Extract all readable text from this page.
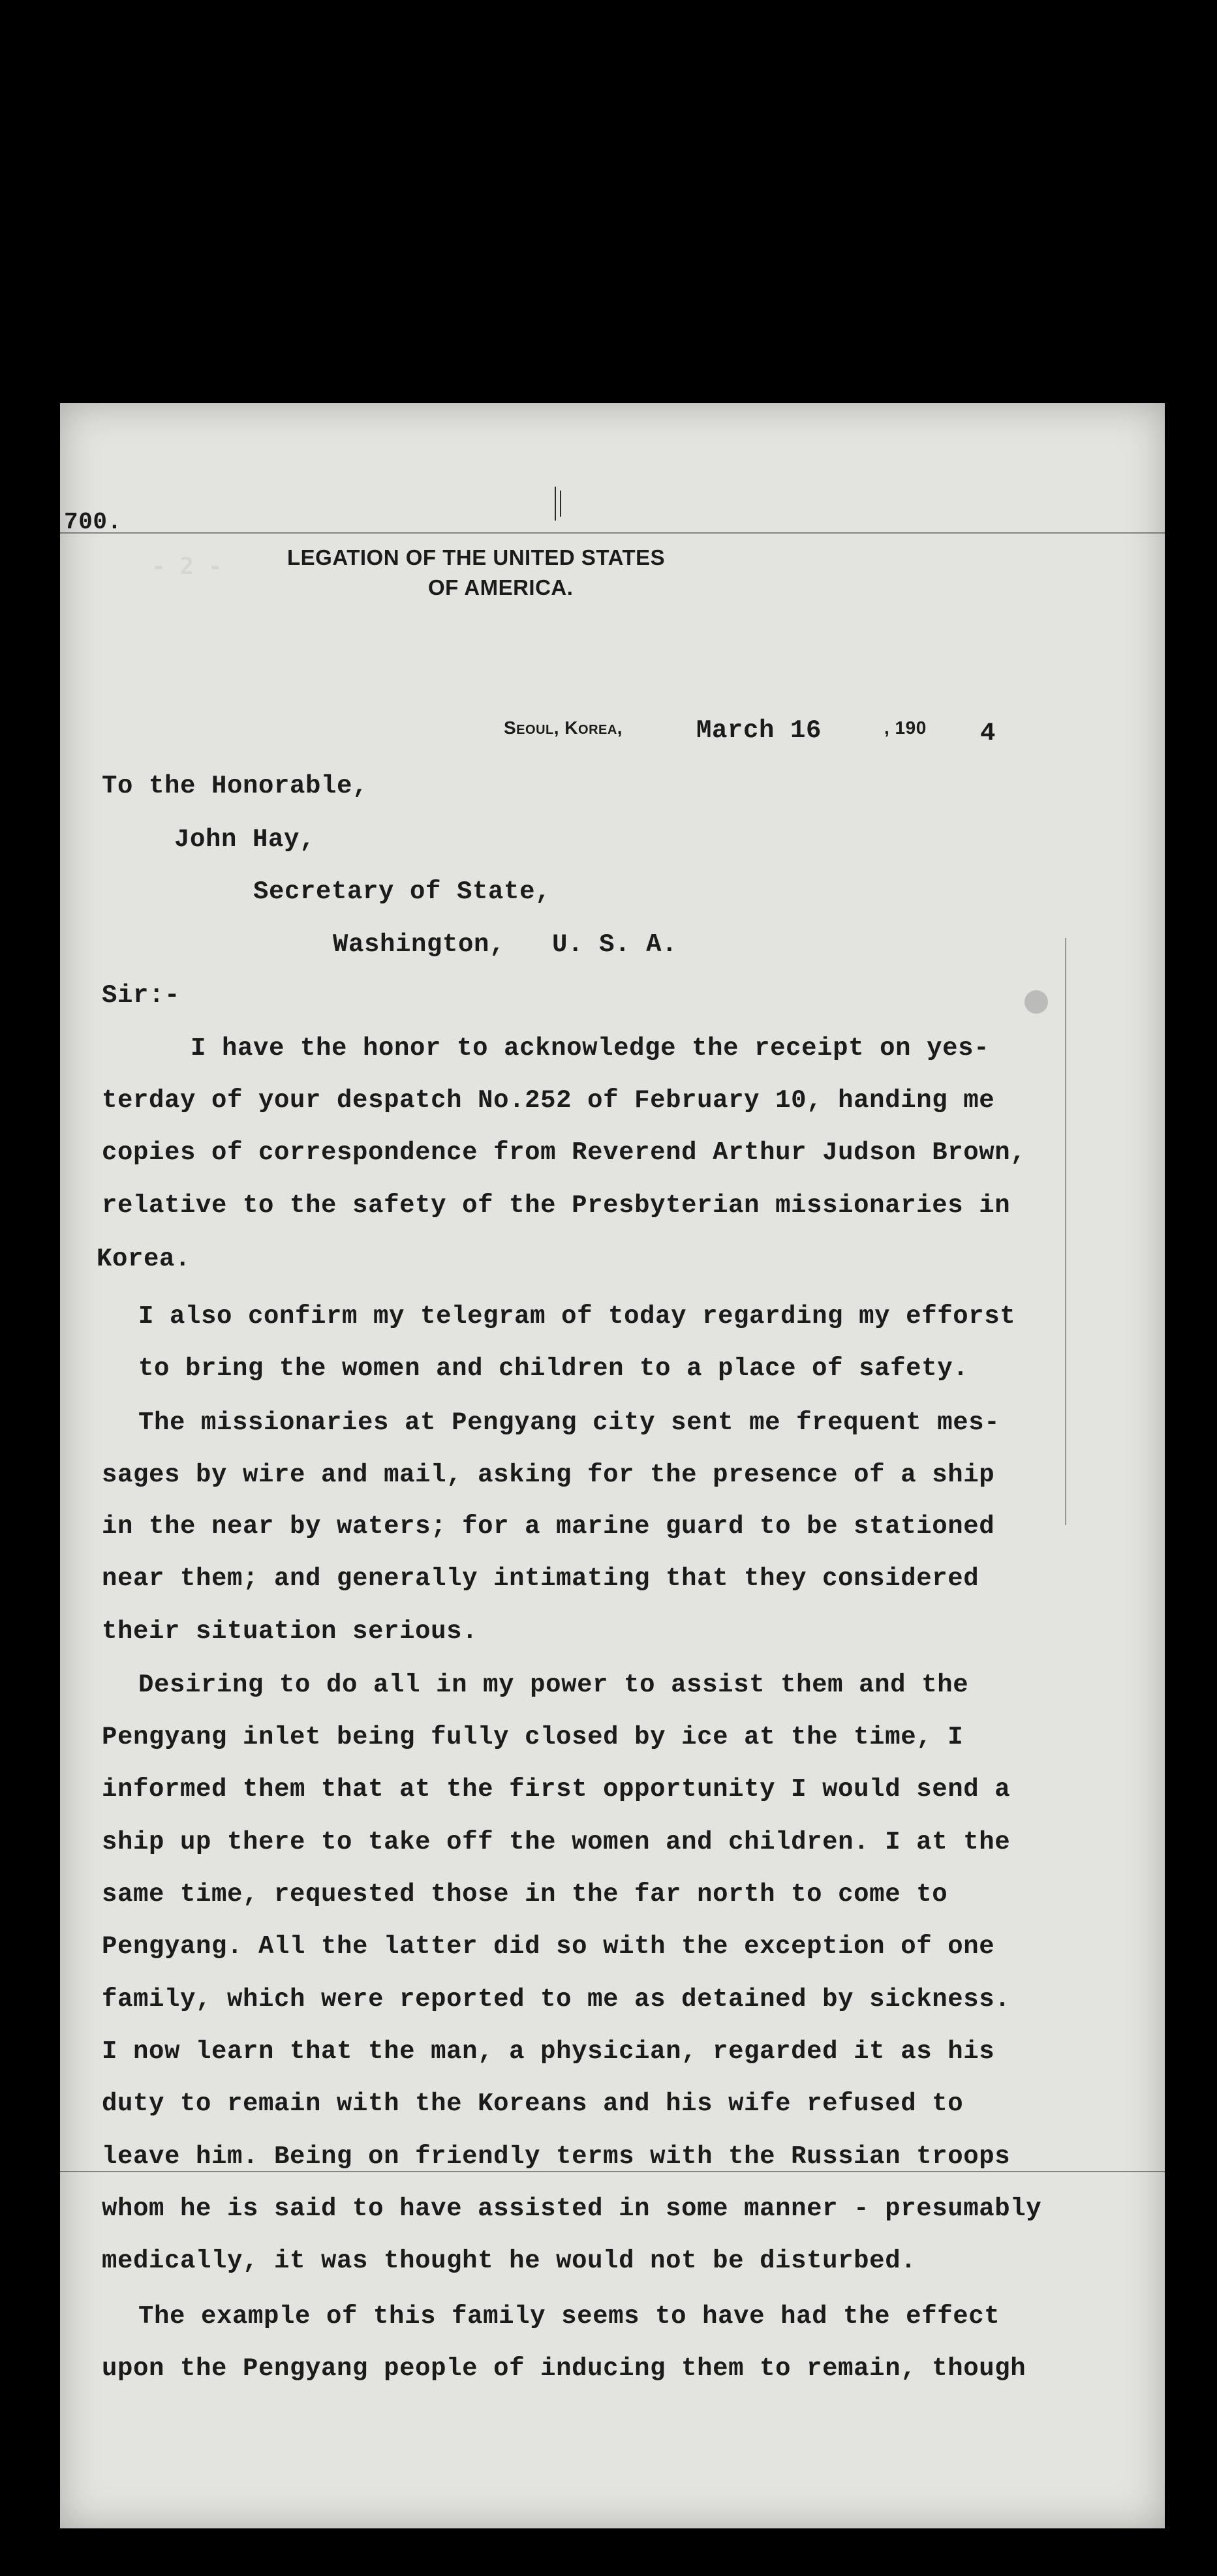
- 2 -
700.
LEGATION OF THE UNITED STATES
OF AMERICA.
Seoul, Korea,	March 16	, 190 4
To the Honorable,
John Hay,
Secretary of State,
Washington,   U. S. A.
Sir:-
I have the honor to acknowledge the receipt on yes-
terday of your despatch No.252 of February 10, handing me
copies of correspondence from Reverend Arthur Judson Brown,
relative to the safety of the Presbyterian missionaries in
Korea.
I also confirm my telegram of today regarding my efforst
to bring the women and children to a place of safety.
The missionaries at Pengyang city sent me frequent mes-
sages by wire and mail, asking for the presence of a ship
in the near by waters; for a marine guard to be stationed
near them; and generally intimating that they considered
their situation serious.
Desiring to do all in my power to assist them and the
Pengyang inlet being fully closed by ice at the time, I
informed them that at the first opportunity I would send a
ship up there to take off the women and children. I at the
same time, requested those in the far north to come to
Pengyang. All the latter did so with the exception of one
family, which were reported to me as detained by sickness.
I now learn that the man, a physician, regarded it as his
duty to remain with the Koreans and his wife refused to
leave him. Being on friendly terms with the Russian troops
whom he is said to have assisted in some manner - presumably
medically, it was thought he would not be disturbed.
The example of this family seems to have had the effect
upon the Pengyang people of inducing them to remain, though
